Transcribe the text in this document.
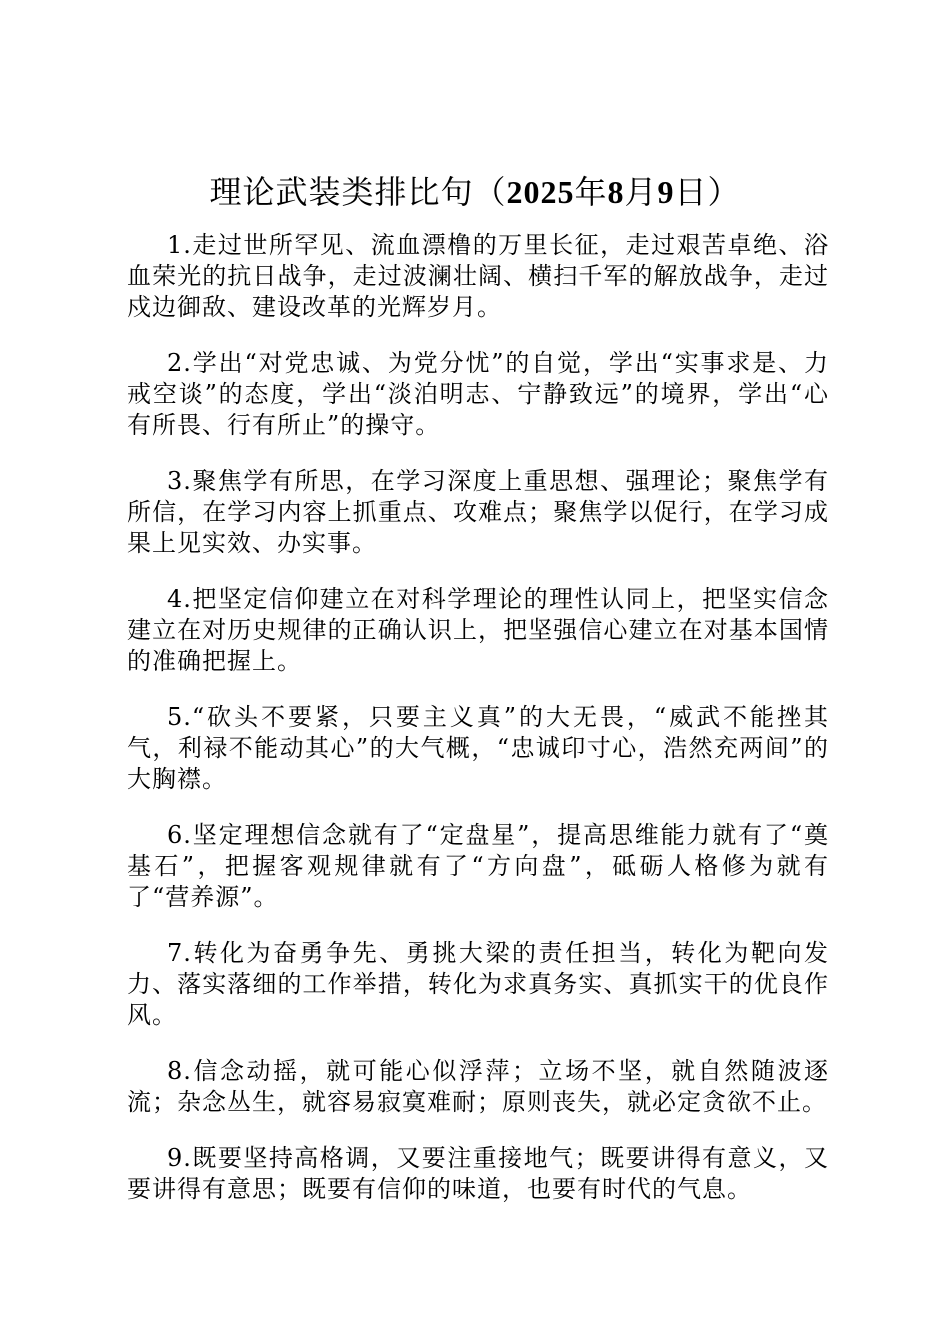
理论武装类排比句（2025年8月9日）

1.走过世所罕见、流血漂橹的万里长征，走过艰苦卓绝、浴血荣光的抗日战争，走过波澜壮阔、横扫千军的解放战争，走过戍边御敌、建设改革的光辉岁月。

2.学出“对党忠诚、为党分忧”的自觉，学出“实事求是、力戒空谈”的态度，学出“淡泊明志、宁静致远”的境界，学出“心有所畏、行有所止”的操守。

3.聚焦学有所思，在学习深度上重思想、强理论；聚焦学有所信，在学习内容上抓重点、攻难点；聚焦学以促行，在学习成果上见实效、办实事。

4.把坚定信仰建立在对科学理论的理性认同上，把坚实信念建立在对历史规律的正确认识上，把坚强信心建立在对基本国情的准确把握上。

5.“砍头不要紧，只要主义真”的大无畏，“威武不能挫其气，利禄不能动其心”的大气概，“忠诚印寸心，浩然充两间”的大胸襟。

6.坚定理想信念就有了“定盘星”，提高思维能力就有了“奠基石”，把握客观规律就有了“方向盘”，砥砺人格修为就有了“营养源”。

7.转化为奋勇争先、勇挑大梁的责任担当，转化为靶向发力、落实落细的工作举措，转化为求真务实、真抓实干的优良作风。

8.信念动摇，就可能心似浮萍；立场不坚，就自然随波逐流；杂念丛生，就容易寂寞难耐；原则丧失，就必定贪欲不止。

9.既要坚持高格调，又要注重接地气；既要讲得有意义，又要讲得有意思；既要有信仰的味道，也要有时代的气息。
